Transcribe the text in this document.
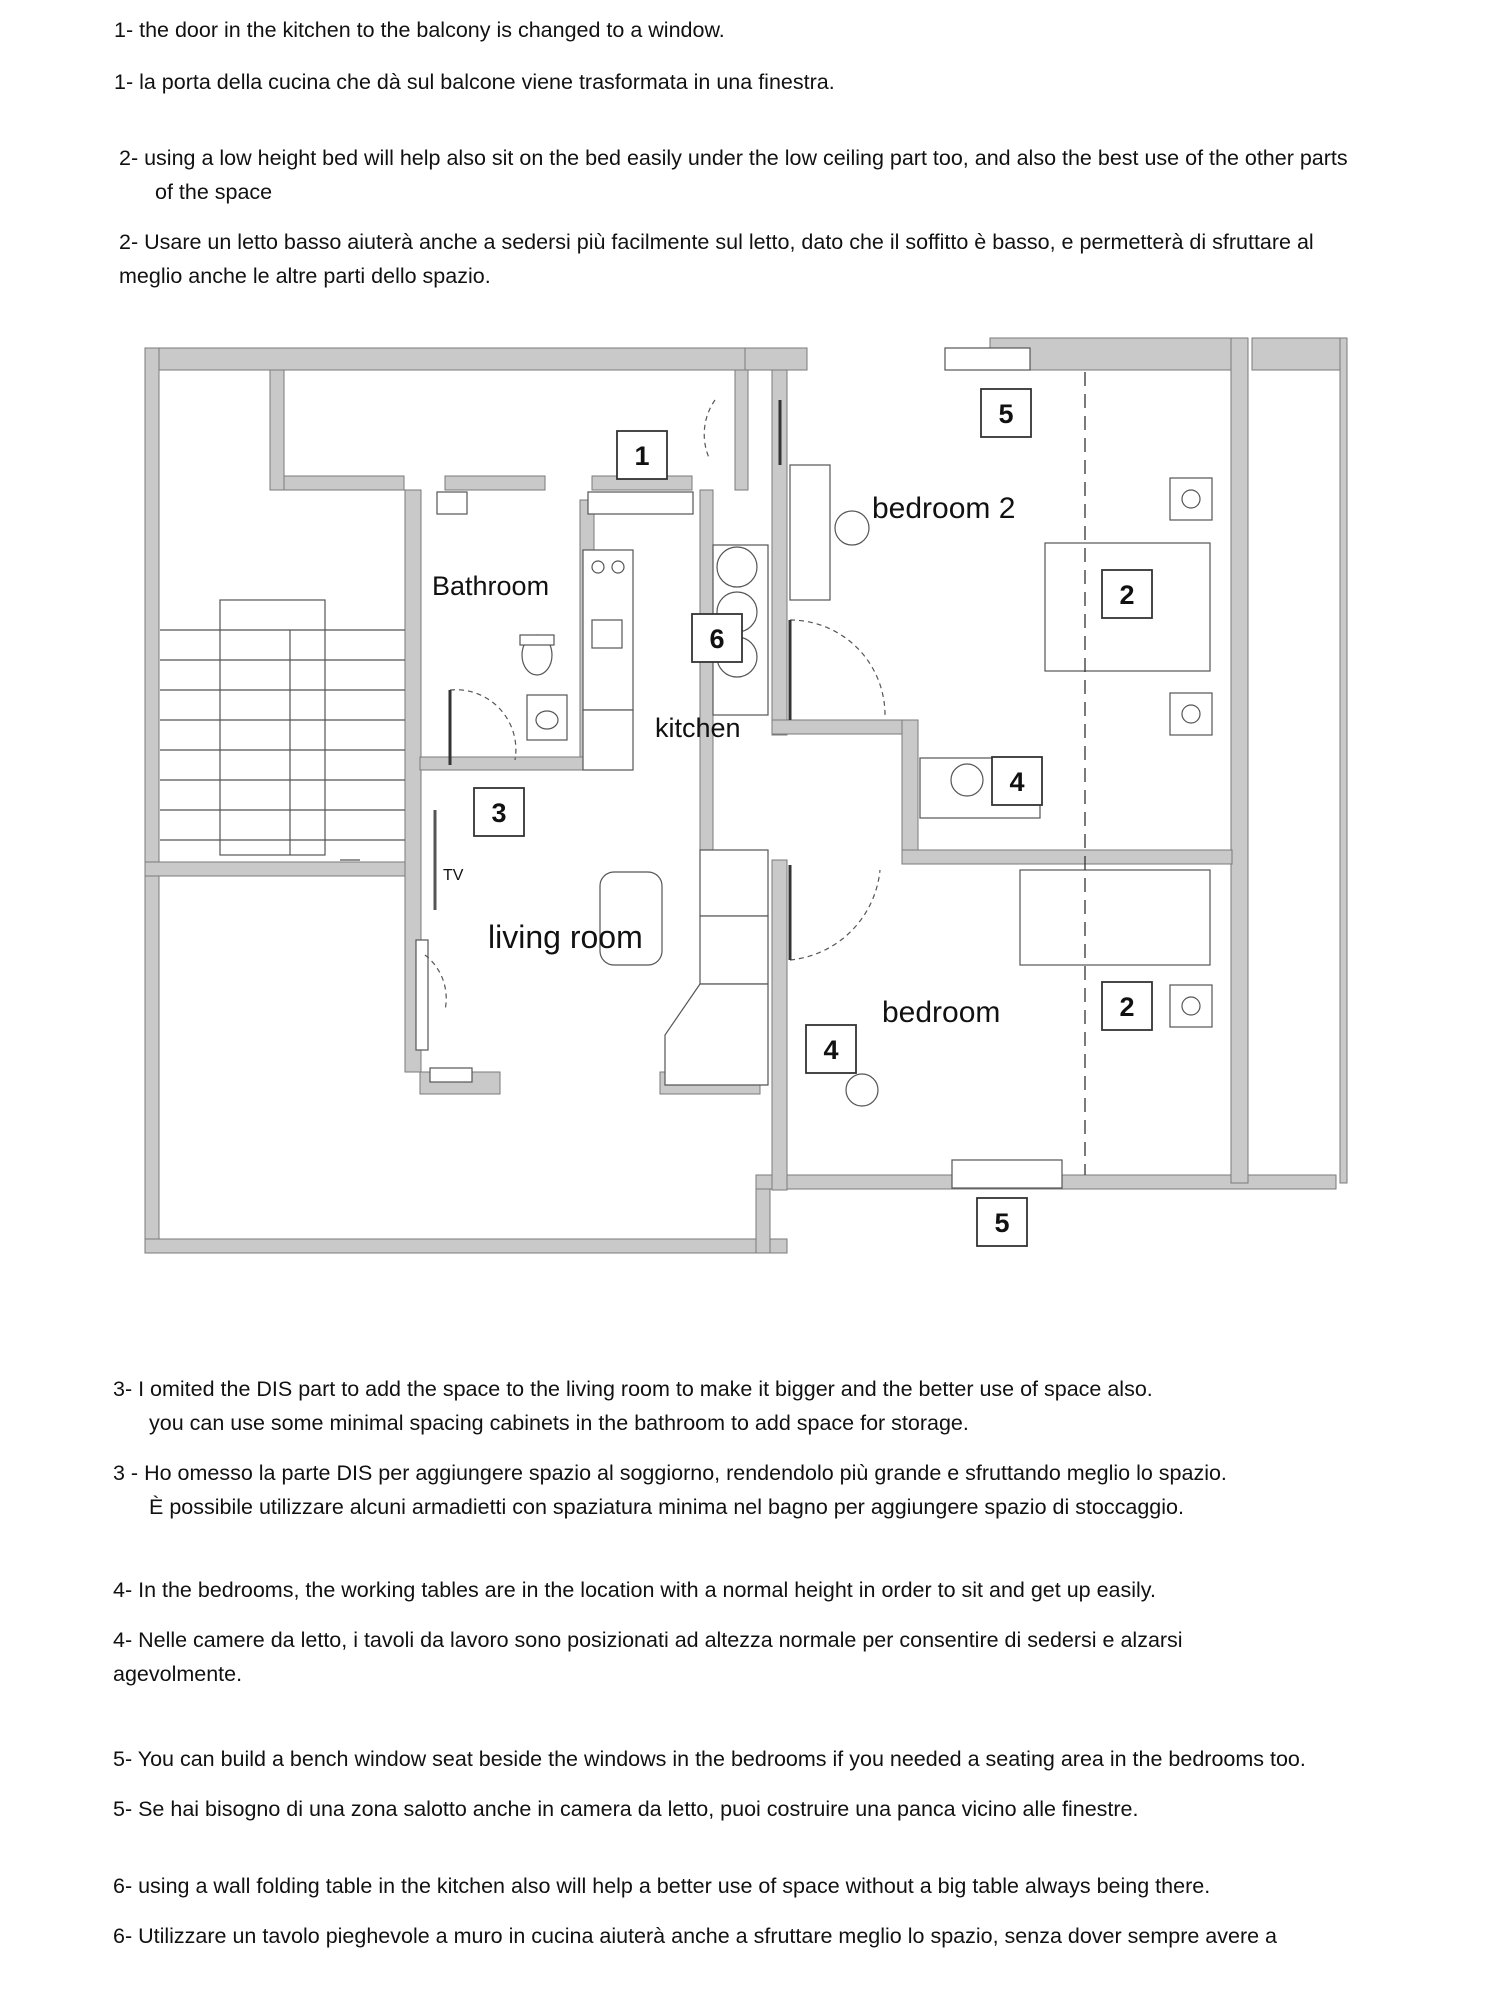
1- the door in the kitchen to the balcony is changed to a window.

1- la porta della cucina che dà sul balcone viene trasformata in una finestra.

2- using a low height bed will help also sit on the bed easily under the low ceiling part too, and also the best use of the other parts

of the space

2- Usare un letto basso aiuterà anche a sedersi più facilmente sul letto, dato che il soffitto è basso, e permetterà di sfruttare al

meglio anche le altre parti dello spazio.

Bathroom
kitchen
living room
bedroom 2
bedroom
TV
1
2
2
3
4
4
5
5
6

3- I omited the DIS part to add the space to the living room to make it bigger and the better use of space also.

you can use some minimal spacing cabinets in the bathroom to add space for storage.

3 - Ho omesso la parte DIS per aggiungere spazio al soggiorno, rendendolo più grande e sfruttando meglio lo spazio.

È possibile utilizzare alcuni armadietti con spaziatura minima nel bagno per aggiungere spazio di stoccaggio.

4- In the bedrooms, the working tables are in the location with a normal height in order to sit and get up easily.

4- Nelle camere da letto, i tavoli da lavoro sono posizionati ad altezza normale per consentire di sedersi e alzarsi

agevolmente.

5- You can build a bench window seat beside the windows in the bedrooms if you needed a seating area in the bedrooms too.

5- Se hai bisogno di una zona salotto anche in camera da letto, puoi costruire una panca vicino alle finestre.

6- using a wall folding table in the kitchen also will help a better use of space without a big table always being there.

6- Utilizzare un tavolo pieghevole a muro in cucina aiuterà anche a sfruttare meglio lo spazio, senza dover sempre avere a
